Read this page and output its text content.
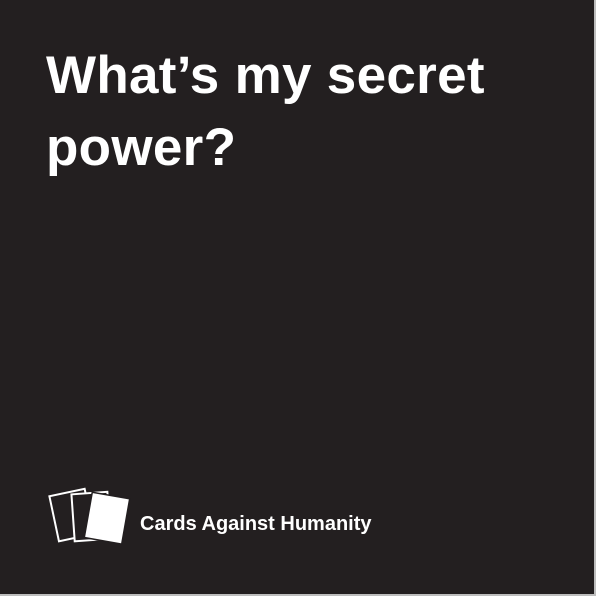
What’s my secret power?

Cards Against Humanity
